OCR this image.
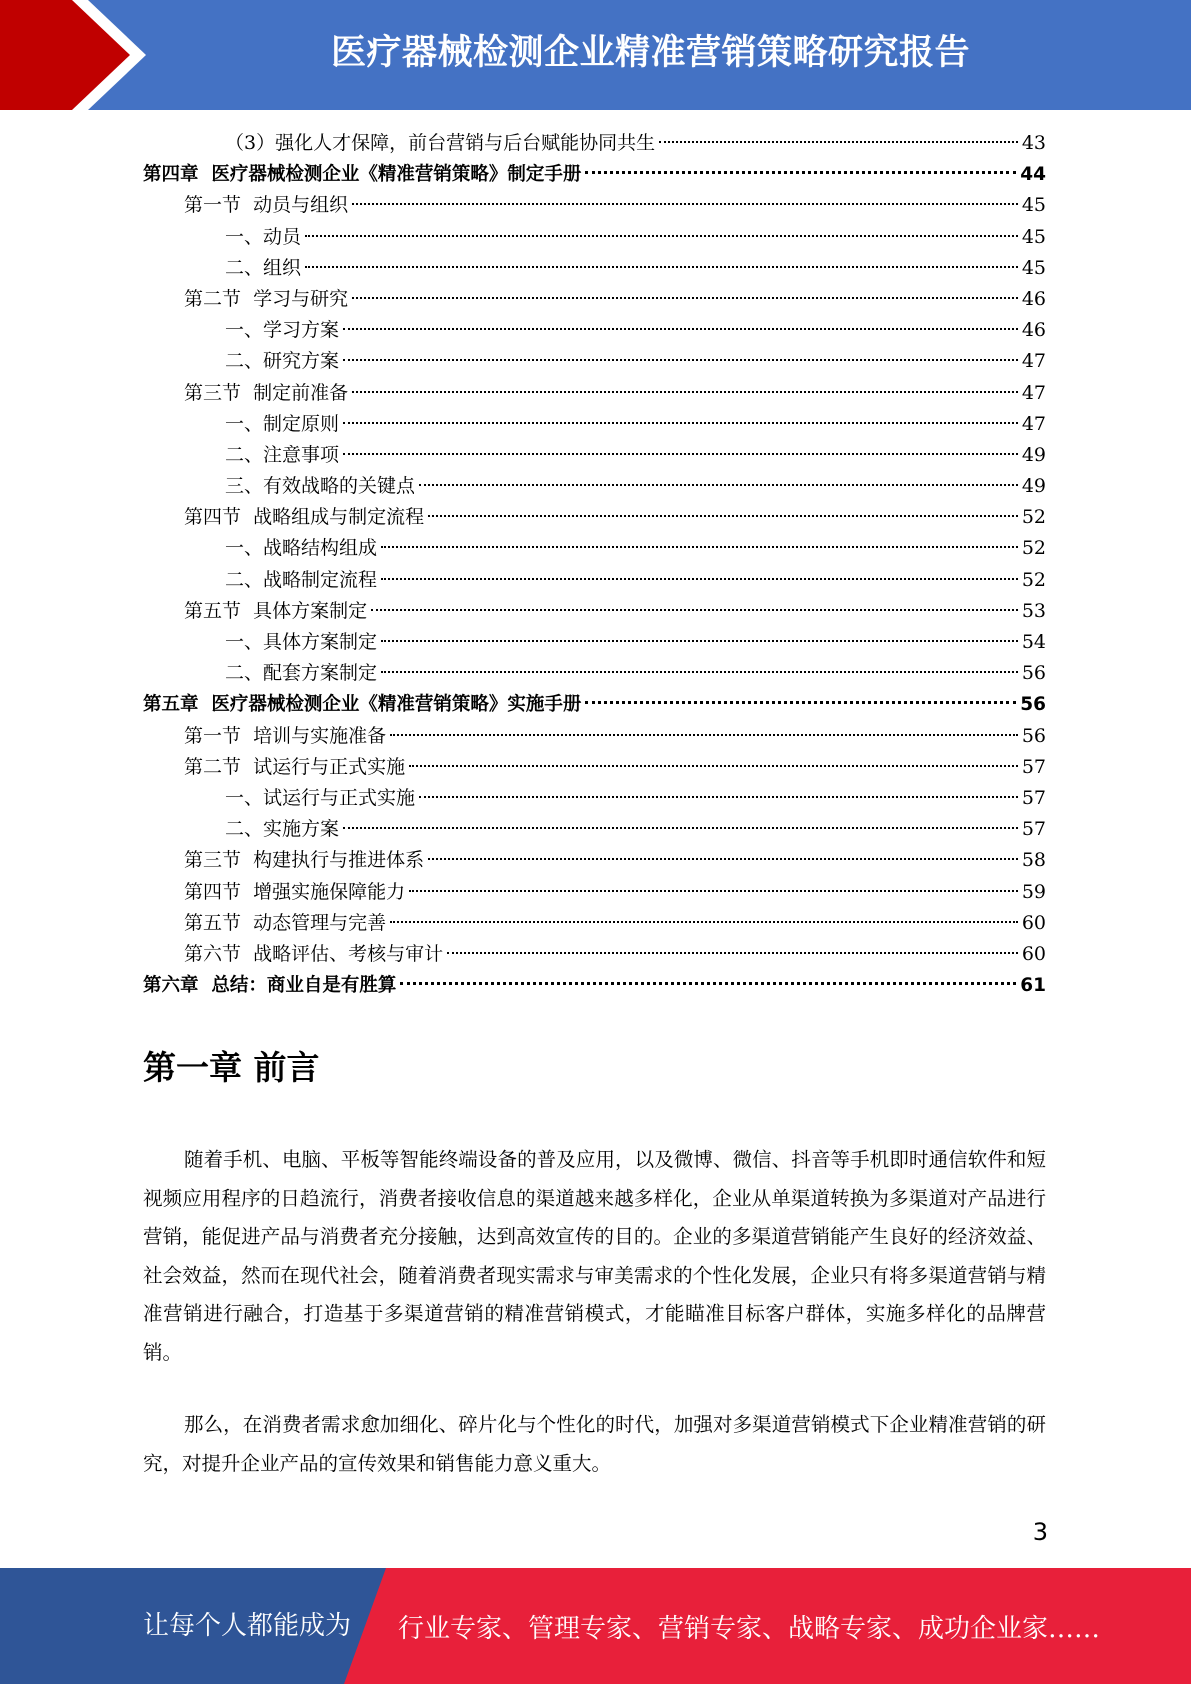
医疗器械检测企业精准营销策略研究报告
（3）强化人才保障，前台营销与后台赋能协同共生	43
第四章  医疗器械检测企业《精准营销策略》制定手册	44
第一节  动员与组织	45
一、动员	45
二、组织	45
第二节  学习与研究	46
一、学习方案	46
二、研究方案	47
第三节  制定前准备	47
一、制定原则	47
二、注意事项	49
三、有效战略的关键点	49
第四节  战略组成与制定流程	52
一、战略结构组成	52
二、战略制定流程	52
第五节  具体方案制定	53
一、具体方案制定	54
二、配套方案制定	56
第五章  医疗器械检测企业《精准营销策略》实施手册	56
第一节  培训与实施准备	56
第二节  试运行与正式实施	57
一、试运行与正式实施	57
二、实施方案	57
第三节  构建执行与推进体系	58
第四节  增强实施保障能力	59
第五节  动态管理与完善	60
第六节  战略评估、考核与审计	60
第六章  总结：商业自是有胜算	61
第一章 前言

随着手机、电脑、平板等智能终端设备的普及应用，以及微博、微信、抖音等手机即时通信软件和短视频应用程序的日趋流行，消费者接收信息的渠道越来越多样化，企业从单渠道转换为多渠道对产品进行营销，能促进产品与消费者充分接触，达到高效宣传的目的。企业的多渠道营销能产生良好的经济效益、社会效益，然而在现代社会，随着消费者现实需求与审美需求的个性化发展，企业只有将多渠道营销与精准营销进行融合，打造基于多渠道营销的精准营销模式，才能瞄准目标客户群体，实施多样化的品牌营销。

那么，在消费者需求愈加细化、碎片化与个性化的时代，加强对多渠道营销模式下企业精准营销的研究，对提升企业产品的宣传效果和销售能力意义重大。

3
让每个人都能成为 行业专家、管理专家、营销专家、战略专家、成功企业家……
